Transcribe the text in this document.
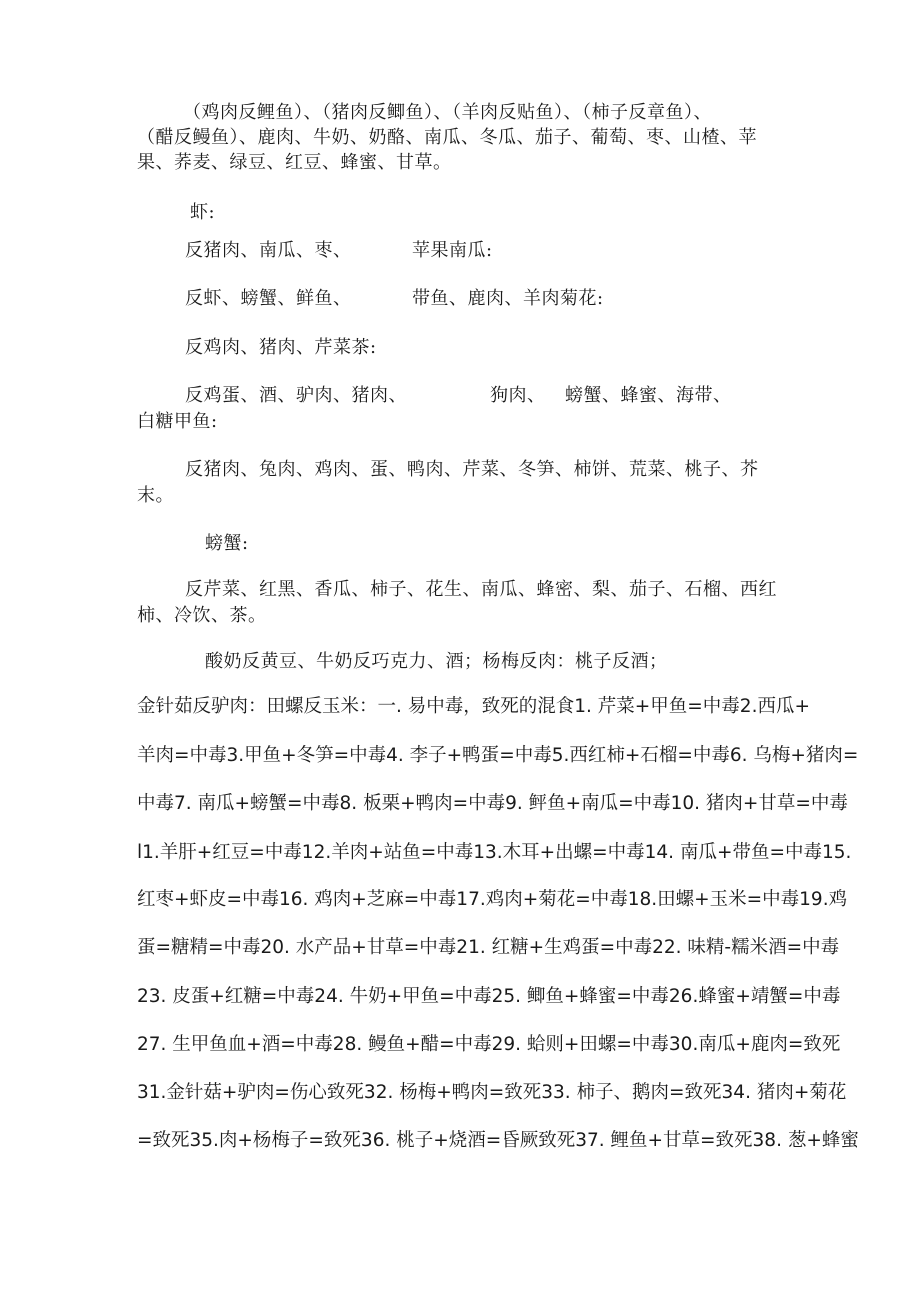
（鸡肉反鲤鱼）、（猪肉反鲫鱼）、（羊肉反贴鱼）、（柿子反章鱼）、
（醋反鳗鱼）、鹿肉、牛奶、奶酪、南瓜、冬瓜、茄子、葡萄、枣、山楂、苹
果、荞麦、绿豆、红豆、蜂蜜、甘草。
虾:
反猪肉、南瓜、枣、	苹果南瓜:
反虾、螃蟹、鲜鱼、	带鱼、鹿肉、羊肉菊花:
反鸡肉、猪肉、芹菜茶:
反鸡蛋、酒、驴肉、猪肉、	狗肉、 螃蟹、蜂蜜、海带、
白糖甲鱼:
反猪肉、兔肉、鸡肉、蛋、鸭肉、芹菜、冬笋、柿饼、荒菜、桃子、芥
末。
螃蟹:
反芹菜、红黑、香瓜、柿子、花生、南瓜、蜂密、梨、茄子、石榴、西红
柿、冷饮、茶。
酸奶反黄豆、牛奶反巧克力、酒；杨梅反肉：桃子反酒；
金针茹反驴肉：田螺反玉米：一. 易中毒，致死的混食1. 芹菜+甲鱼=中毒2.西瓜+
羊肉=中毒3.甲鱼+冬笋=中毒4. 李子+鸭蛋=中毒5.西红柿+石榴=中毒6. 乌梅+猪肉=
中毒7. 南瓜+螃蟹=中毒8. 板栗+鸭肉=中毒9. 鲆鱼+南瓜=中毒10. 猪肉+甘草=中毒
l1.羊肝+红豆=中毒12.羊肉+站鱼=中毒13.木耳+出螺=中毒14. 南瓜+带鱼=中毒15.
红枣+虾皮=中毒16. 鸡肉+芝麻=中毒17.鸡肉+菊花=中毒18.田螺+玉米=中毒19.鸡
蛋=糖精=中毒20. 水产品+甘草=中毒21. 红糖+生鸡蛋=中毒22. 味精-糯米酒=中毒
23. 皮蛋+红糖=中毒24. 牛奶+甲鱼=中毒25. 鲫鱼+蜂蜜=中毒26.蜂蜜+靖蟹=中毒
27. 生甲鱼血+酒=中毒28. 鳗鱼+醋=中毒29. 蛤则+田螺=中毒30.南瓜+鹿肉=致死
31.金针菇+驴肉=伤心致死32. 杨梅+鸭肉=致死33. 柿子、鹅肉=致死34. 猪肉+菊花
=致死35.肉+杨梅子=致死36. 桃子+烧酒=昏厥致死37. 鲤鱼+甘草=致死38. 葱+蜂蜜
